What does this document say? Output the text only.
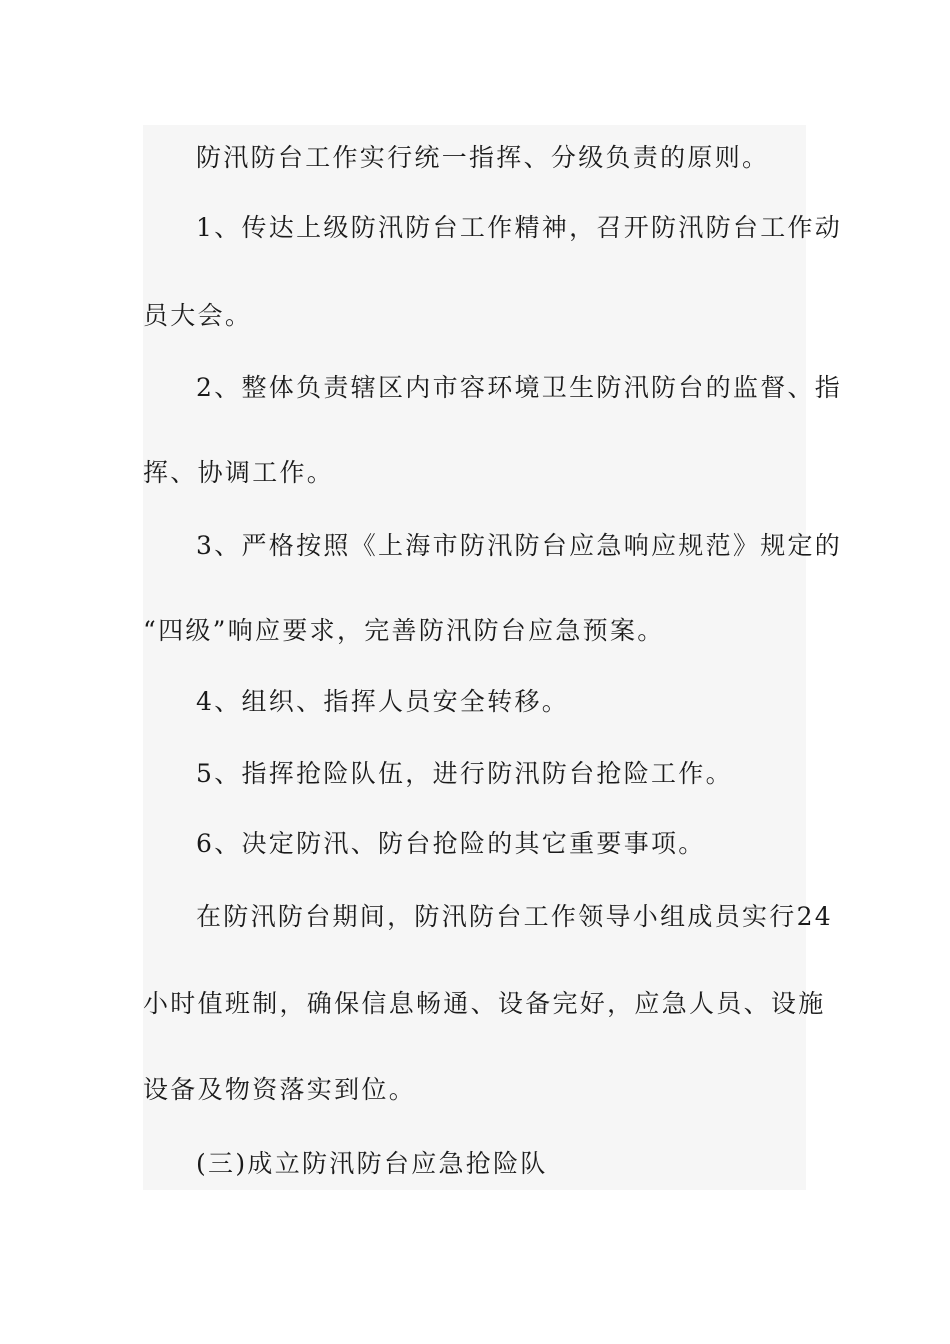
防汛防台工作实行统一指挥、分级负责的原则。
1、传达上级防汛防台工作精神，召开防汛防台工作动
员大会。
2、整体负责辖区内市容环境卫生防汛防台的监督、指
挥、协调工作。
3、严格按照《上海市防汛防台应急响应规范》规定的
“四级”响应要求，完善防汛防台应急预案。
4、组织、指挥人员安全转移。
5、指挥抢险队伍，进行防汛防台抢险工作。
6、决定防汛、防台抢险的其它重要事项。
在防汛防台期间，防汛防台工作领导小组成员实行24
小时值班制，确保信息畅通、设备完好，应急人员、设施
设备及物资落实到位。
(三)成立防汛防台应急抢险队
